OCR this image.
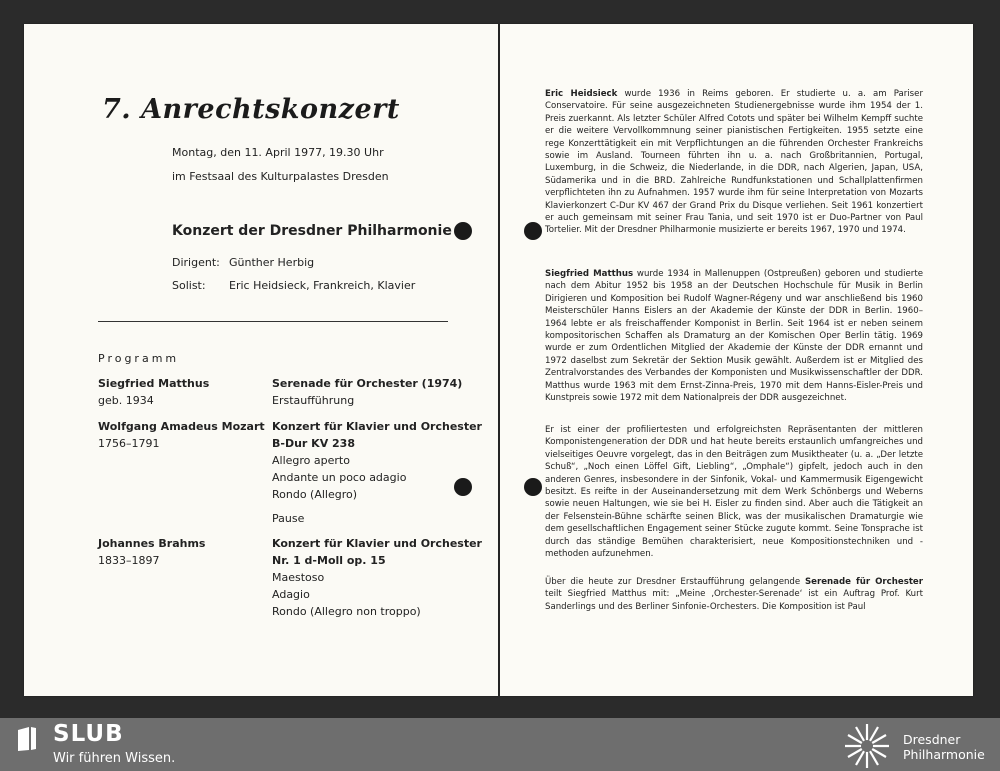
7. Anrechtskonzert
Montag, den 11. April 1977, 19.30 Uhr
im Festsaal des Kulturpalastes Dresden
Konzert der Dresdner Philharmonie
Dirigent: Günther Herbig
Solist: Eric Heidsieck, Frankreich, Klavier
Programm
Siegfried Matthus
geb. 1934
Wolfgang Amadeus Mozart
1756–1791
Johannes Brahms
1833–1897
Serenade für Orchester (1974)
Erstaufführung
Konzert für Klavier und Orchester
B-Dur KV 238
Allegro aperto
Andante un poco adagio
Rondo (Allegro)
Pause
Konzert für Klavier und Orchester
Nr. 1 d-Moll op. 15
Maestoso
Adagio
Rondo (Allegro non troppo)
Eric Heidsieck wurde 1936 in Reims geboren. Er studierte u. a. am Pariser Conservatoire. Für seine ausgezeichneten Studienergebnisse wurde ihm 1954 der 1. Preis zuerkannt. Als letzter Schüler Alfred Cotots und später bei Wilhelm Kempff suchte er die weitere Vervollkommnung seiner pianistischen Fertigkeiten. 1955 setzte eine rege Konzerttätigkeit ein mit Verpflichtungen an die führenden Orchester Frankreichs sowie im Ausland. Tourneen führten ihn u. a. nach Großbritannien, Portugal, Luxemburg, in die Schweiz, die Niederlande, in die DDR, nach Algerien, Japan, USA, Südamerika und in die BRD. Zahlreiche Rundfunkstationen und Schallplattenfirmen verpflichteten ihn zu Aufnahmen. 1957 wurde ihm für seine Interpretation von Mozarts Klavierkonzert C-Dur KV 467 der Grand Prix du Disque verliehen. Seit 1961 konzertiert er auch gemeinsam mit seiner Frau Tania, und seit 1970 ist er Duo-Partner von Paul Tortelier. Mit der Dresdner Philharmonie musizierte er bereits 1967, 1970 und 1974.
Siegfried Matthus wurde 1934 in Mallenuppen (Ostpreußen) geboren und studierte nach dem Abitur 1952 bis 1958 an der Deutschen Hochschule für Musik in Berlin Dirigieren und Komposition bei Rudolf Wagner-Régeny und war anschließend bis 1960 Meisterschüler Hanns Eislers an der Akademie der Künste der DDR in Berlin. 1960–1964 lebte er als freischaffender Komponist in Berlin. Seit 1964 ist er neben seinem kompositorischen Schaffen als Dramaturg an der Komischen Oper Berlin tätig. 1969 wurde er zum Ordentlichen Mitglied der Akademie der Künste der DDR ernannt und 1972 daselbst zum Sekretär der Sektion Musik gewählt. Außerdem ist er Mitglied des Zentralvorstandes des Verbandes der Komponisten und Musikwissenschaftler der DDR. Matthus wurde 1963 mit dem Ernst-Zinna-Preis, 1970 mit dem Hanns-Eisler-Preis und Kunstpreis sowie 1972 mit dem Nationalpreis der DDR ausgezeichnet.
Er ist einer der profiliertesten und erfolgreichsten Repräsentanten der mittleren Komponistengeneration der DDR und hat heute bereits erstaunlich umfangreiches und vielseitiges Oeuvre vorgelegt, das in den Beiträgen zum Musiktheater (u. a. „Der letzte Schuß“, „Noch einen Löffel Gift, Liebling“, „Omphale“) gipfelt, jedoch auch in den anderen Genres, insbesondere in der Sinfonik, Vokal- und Kammermusik Eigengewicht besitzt. Es reifte in der Auseinandersetzung mit dem Werk Schönbergs und Weberns sowie neuen Haltungen, wie sie bei H. Eisler zu finden sind. Aber auch die Tätigkeit an der Felsenstein-Bühne schärfte seinen Blick, was der musikalischen Dramaturgie wie dem gesellschaftlichen Engagement seiner Stücke zugute kommt. Seine Tonsprache ist durch das ständige Bemühen charakterisiert, neue Kompositionstechniken und -methoden aufzunehmen.
Über die heute zur Dresdner Erstaufführung gelangende Serenade für Orchester teilt Siegfried Matthus mit: „Meine ‚Orchester-Serenade‘ ist ein Auftrag Prof. Kurt Sanderlings und des Berliner Sinfonie-Orchesters. Die Komposition ist Paul
SLUB
Wir führen Wissen.
Dresdner
Philharmonie
